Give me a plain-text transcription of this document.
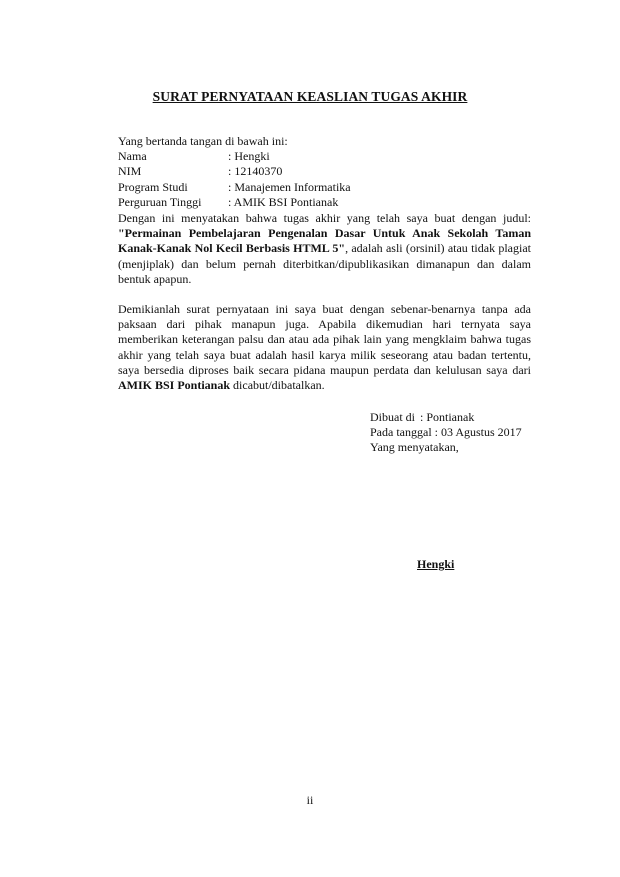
SURAT PERNYATAAN KEASLIAN TUGAS AKHIR
Yang bertanda tangan di bawah ini:
Nama	: Hengki
NIM	: 12140370
Program Studi	: Manajemen Informatika
Perguruan Tinggi	: AMIK BSI Pontianak

Dengan ini menyatakan bahwa tugas akhir yang telah saya buat dengan judul: "Permainan Pembelajaran Pengenalan Dasar Untuk Anak Sekolah Taman Kanak-Kanak Nol Kecil Berbasis HTML 5", adalah asli (orsinil) atau tidak plagiat (menjiplak) dan belum pernah diterbitkan/dipublikasikan dimanapun dan dalam bentuk apapun.

Demikianlah surat pernyataan ini saya buat dengan sebenar-benarnya tanpa ada paksaan dari pihak manapun juga. Apabila dikemudian hari ternyata saya memberikan keterangan palsu dan atau ada pihak lain yang mengklaim bahwa tugas akhir yang telah saya buat adalah hasil karya milik seseorang atau badan tertentu, saya bersedia diproses baik secara pidana maupun perdata dan kelulusan saya dari AMIK BSI Pontianak dicabut/dibatalkan.

Dibuat di : Pontianak
Pada tanggal : 03 Agustus 2017
Yang menyatakan,
Hengki
ii
